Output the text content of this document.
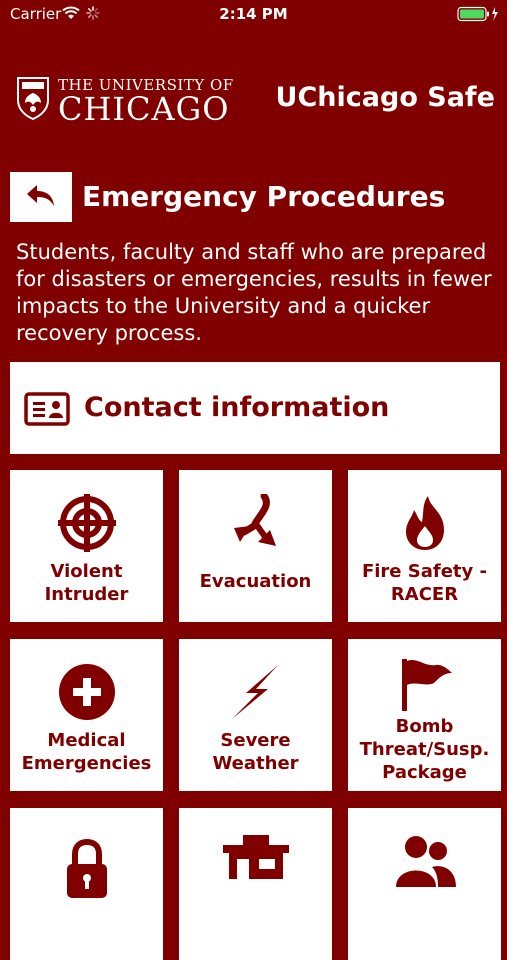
Carrier	2:14 PM
THE UNIVERSITY OF
CHICAGO UChicago Safe
Emergency Procedures
Students, faculty and staff who are prepared for disasters or emergencies, results in fewer impacts to the University and a quicker recovery process.
Contact information
Violent Intruder
Evacuation	Fire Safety - RACER
Medical Emergencies
Severe Weather
Bomb Threat/Susp. Package
